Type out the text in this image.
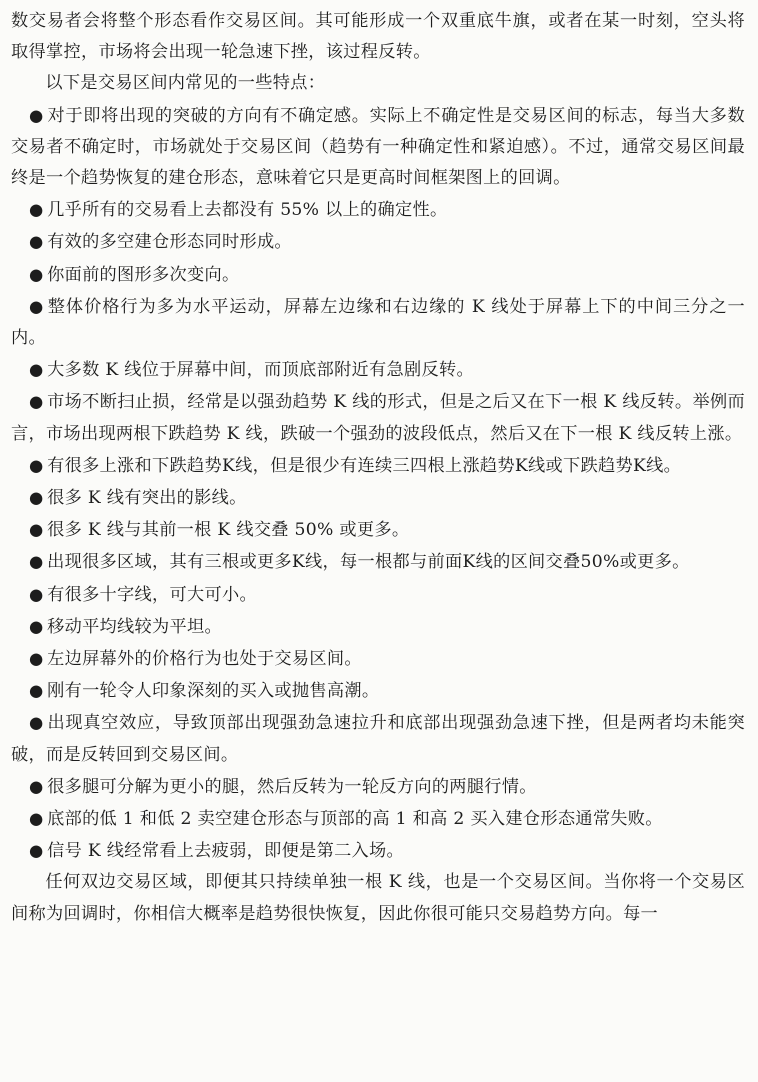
数交易者会将整个形态看作交易区间。其可能形成一个双重底牛旗，或者在某一时刻，空头将取得掌控，市场将会出现一轮急速下挫，该过程反转。

以下是交易区间内常见的一些特点：

●对于即将出现的突破的方向有不确定感。实际上不确定性是交易区间的标志，每当大多数交易者不确定时，市场就处于交易区间（趋势有一种确定性和紧迫感）。不过，通常交易区间最终是一个趋势恢复的建仓形态，意味着它只是更高时间框架图上的回调。

●几乎所有的交易看上去都没有 55% 以上的确定性。

●有效的多空建仓形态同时形成。

●你面前的图形多次变向。

●整体价格行为多为水平运动，屏幕左边缘和右边缘的 K 线处于屏幕上下的中间三分之一内。

●大多数 K 线位于屏幕中间，而顶底部附近有急剧反转。

●市场不断扫止损，经常是以强劲趋势 K 线的形式，但是之后又在下一根 K 线反转。举例而言，市场出现两根下跌趋势 K 线，跌破一个强劲的波段低点，然后又在下一根 K 线反转上涨。

●有很多上涨和下跌趋势K线，但是很少有连续三四根上涨趋势K线或下跌趋势K线。

●很多 K 线有突出的影线。

●很多 K 线与其前一根 K 线交叠 50% 或更多。

●出现很多区域，其有三根或更多K线，每一根都与前面K线的区间交叠50%或更多。

●有很多十字线，可大可小。

●移动平均线较为平坦。

●左边屏幕外的价格行为也处于交易区间。

●刚有一轮令人印象深刻的买入或抛售高潮。

●出现真空效应，导致顶部出现强劲急速拉升和底部出现强劲急速下挫，但是两者均未能突破，而是反转回到交易区间。

●很多腿可分解为更小的腿，然后反转为一轮反方向的两腿行情。

●底部的低 1 和低 2 卖空建仓形态与顶部的高 1 和高 2 买入建仓形态通常失败。

●信号 K 线经常看上去疲弱，即便是第二入场。

任何双边交易区域，即便其只持续单独一根 K 线，也是一个交易区间。当你将一个交易区间称为回调时，你相信大概率是趋势很快恢复，因此你很可能只交易趋势方向。每一
